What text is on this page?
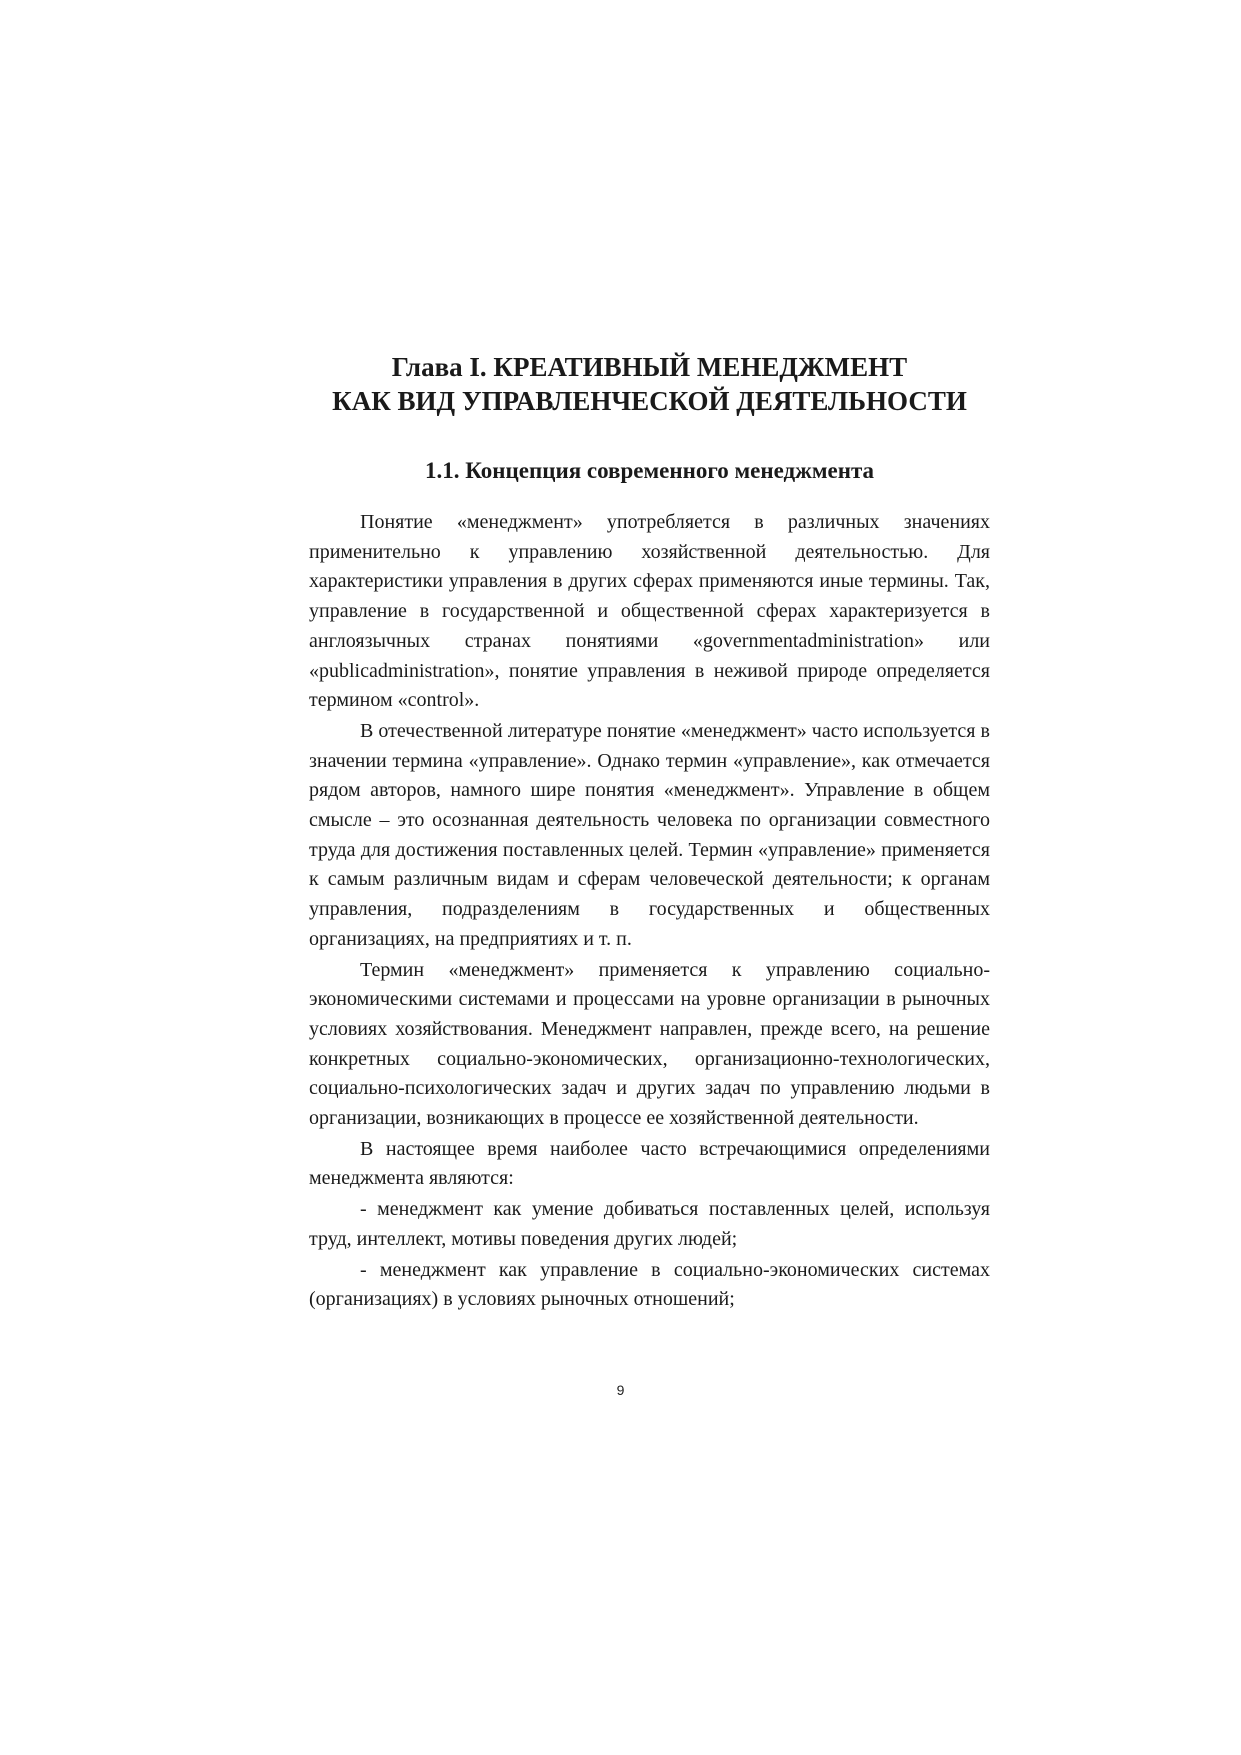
Глава I. КРЕАТИВНЫЙ МЕНЕДЖМЕНТ
КАК ВИД УПРАВЛЕНЧЕСКОЙ ДЕЯТЕЛЬНОСТИ
1.1. Концепция современного менеджмента

Понятие «менеджмент» употребляется в различных значениях применительно к управлению хозяйственной деятельностью. Для характеристики управления в других сферах применяются иные термины. Так, управление в государственной и общественной сферах характеризуется в англоязычных странах понятиями «governmentadministration» или «publicadministration», понятие управления в неживой природе определяется термином «control».

В отечественной литературе понятие «менеджмент» часто используется в значении термина «управление». Однако термин «управление», как отмечается рядом авторов, намного шире понятия «менеджмент». Управление в общем смысле – это осознанная деятельность человека по организации совместного труда для достижения поставленных целей. Термин «управление» применяется к самым различным видам и сферам человеческой деятельности; к органам управления, подразделениям в государственных и общественных организациях, на предприятиях и т. п.

Термин «менеджмент» применяется к управлению социально-экономическими системами и процессами на уровне организации в рыночных условиях хозяйствования. Менеджмент направлен, прежде всего, на решение конкретных социально-экономических, организационно-технологических, социально-психологических задач и других задач по управлению людьми в организации, возникающих в процессе ее хозяйственной деятельности.

В настоящее время наиболее часто встречающимися определениями менеджмента являются:

- менеджмент как умение добиваться поставленных целей, используя труд, интеллект, мотивы поведения других людей;

- менеджмент как управление в социально-экономических системах (организациях) в условиях рыночных отношений;

9
